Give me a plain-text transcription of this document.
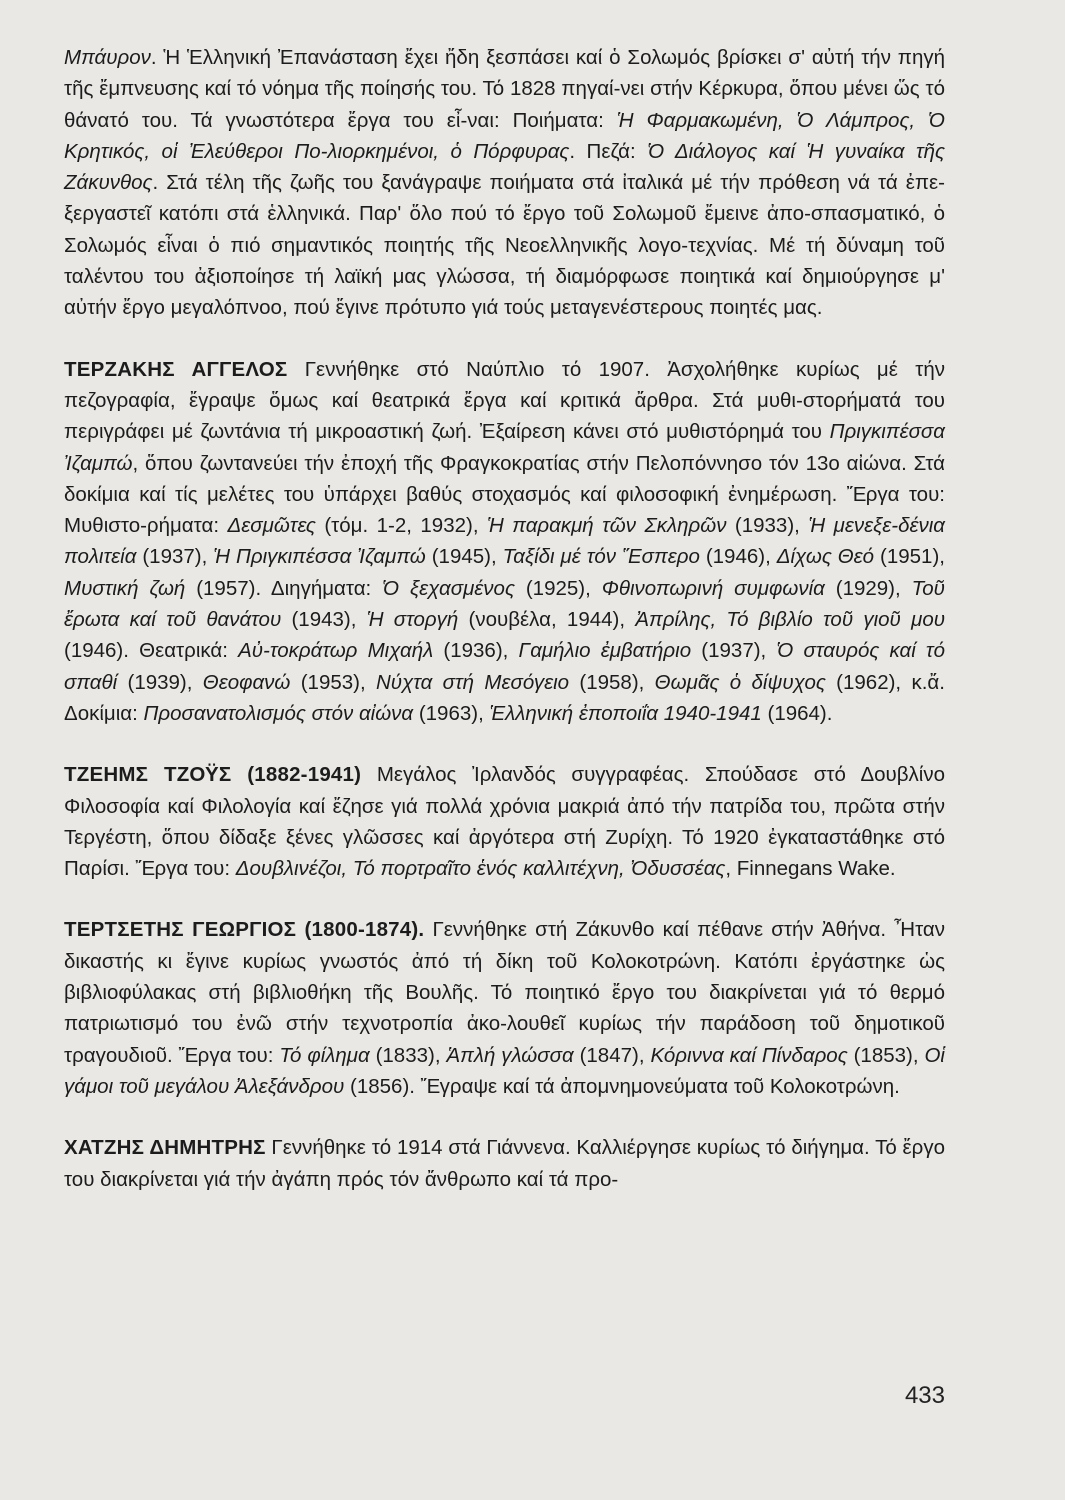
Μπάυρον. Ἡ Ἑλληνική Ἐπανάσταση ἔχει ἤδη ξεσπάσει καί ὁ Σολωμός βρίσκει σ' αὐτή τήν πηγή τῆς ἔμπνευσης καί τό νόημα τῆς ποίησής του. Τό 1828 πηγαί-νει στήν Κέρκυρα, ὅπου μένει ὥς τό θάνατό του. Τά γνωστότερα ἔργα του εἶ-ναι: Ποιήματα: Ἡ Φαρμακωμένη, Ὁ Λάμπρος, Ὁ Κρητικός, οἱ Ἐλεύθεροι Πο-λιορκημένοι, ὁ Πόρφυρας. Πεζά: Ὁ Διάλογος καί Ἡ γυναίκα τῆς Ζάκυνθος. Στά τέλη τῆς ζωῆς του ξανάγραψε ποιήματα στά ἰταλικά μέ τήν πρόθεση νά τά ἐπε-ξεργαστεῖ κατόπι στά ἑλληνικά. Παρ' ὅλο πού τό ἔργο τοῦ Σολωμοῦ ἔμεινε ἀπο-σπασματικό, ὁ Σολωμός εἶναι ὁ πιό σημαντικός ποιητής τῆς Νεοελληνικῆς λογο-τεχνίας. Μέ τή δύναμη τοῦ ταλέντου του ἀξιοποίησε τή λαϊκή μας γλώσσα, τή διαμόρφωσε ποιητικά καί δημιούργησε μ' αὐτήν ἔργο μεγαλόπνοο, πού ἔγινε πρότυπο γιά τούς μεταγενέστερους ποιητές μας.

ΤΕΡΖΑΚΗΣ ΑΓΓΕΛΟΣ Γεννήθηκε στό Ναύπλιο τό 1907. Ἀσχολήθηκε κυρίως μέ τήν πεζογραφία, ἔγραψε ὅμως καί θεατρικά ἔργα καί κριτικά ἄρθρα. Στά μυθι-στορήματά του περιγράφει μέ ζωντάνια τή μικροαστική ζωή. Ἐξαίρεση κάνει στό μυθιστόρημά του Πριγκιπέσσα Ἰζαμπώ, ὅπου ζωντανεύει τήν ἐποχή τῆς Φραγκοκρατίας στήν Πελοπόννησο τόν 13ο αἰώνα. Στά δοκίμια καί τίς μελέτες του ὑπάρχει βαθύς στοχασμός καί φιλοσοφική ἐνημέρωση. Ἔργα του: Μυθιστο-ρήματα: Δεσμῶτες (τόμ. 1-2, 1932), Ἡ παρακμή τῶν Σκληρῶν (1933), Ἡ μενεξε-δένια πολιτεία (1937), Ἡ Πριγκιπέσσα Ἰζαμπώ (1945), Ταξίδι μέ τόν Ἕσπερο (1946), Δίχως Θεό (1951), Μυστική ζωή (1957). Διηγήματα: Ὁ ξεχασμένος (1925), Φθινοπωρινή συμφωνία (1929), Τοῦ ἔρωτα καί τοῦ θανάτου (1943), Ἡ στοργή (νουβέλα, 1944), Ἀπρίλης, Τό βιβλίο τοῦ γιοῦ μου (1946). Θεατρικά: Αὐ-τοκράτωρ Μιχαήλ (1936), Γαμήλιο ἐμβατήριο (1937), Ὁ σταυρός καί τό σπαθί (1939), Θεοφανώ (1953), Νύχτα στή Μεσόγειο (1958), Θωμᾶς ὁ δίψυχος (1962), κ.ἄ. Δοκίμια: Προσανατολισμός στόν αἰώνα (1963), Ἑλληνική ἐποποιΐα 1940-1941 (1964).

ΤΖΕΗΜΣ ΤΖΟΫΣ (1882-1941) Μεγάλος Ἰρλανδός συγγραφέας. Σπούδασε στό Δουβλίνο Φιλοσοφία καί Φιλολογία καί ἔζησε γιά πολλά χρόνια μακριά ἀπό τήν πατρίδα του, πρῶτα στήν Τεργέστη, ὅπου δίδαξε ξένες γλῶσσες καί ἀργότερα στή Ζυρίχη. Τό 1920 ἐγκαταστάθηκε στό Παρίσι. Ἔργα του: Δουβλινέζοι, Τό πορτραῖτο ἑνός καλλιτέχνη, Ὀδυσσέας, Finnegans Wake.

ΤΕΡΤΣΕΤΗΣ ΓΕΩΡΓΙΟΣ (1800-1874). Γεννήθηκε στή Ζάκυνθο καί πέθανε στήν Ἀθήνα. Ἦταν δικαστής κι ἔγινε κυρίως γνωστός ἀπό τή δίκη τοῦ Κολοκοτρώνη. Κατόπι ἐργάστηκε ὡς βιβλιοφύλακας στή βιβλιοθήκη τῆς Βουλῆς. Τό ποιητικό ἔργο του διακρίνεται γιά τό θερμό πατριωτισμό του ἐνῶ στήν τεχνοτροπία ἀκο-λουθεῖ κυρίως τήν παράδοση τοῦ δημοτικοῦ τραγουδιοῦ. Ἔργα του: Τό φίλημα (1833), Ἁπλή γλώσσα (1847), Κόριννα καί Πίνδαρος (1853), Οἱ γάμοι τοῦ μεγάλου Ἀλεξάνδρου (1856). Ἔγραψε καί τά ἀπομνημονεύματα τοῦ Κολοκοτρώνη.

ΧΑΤΖΗΣ ΔΗΜΗΤΡΗΣ Γεννήθηκε τό 1914 στά Γιάννενα. Καλλιέργησε κυρίως τό διήγημα. Τό ἔργο του διακρίνεται γιά τήν ἀγάπη πρός τόν ἄνθρωπο καί τά προ-

433
